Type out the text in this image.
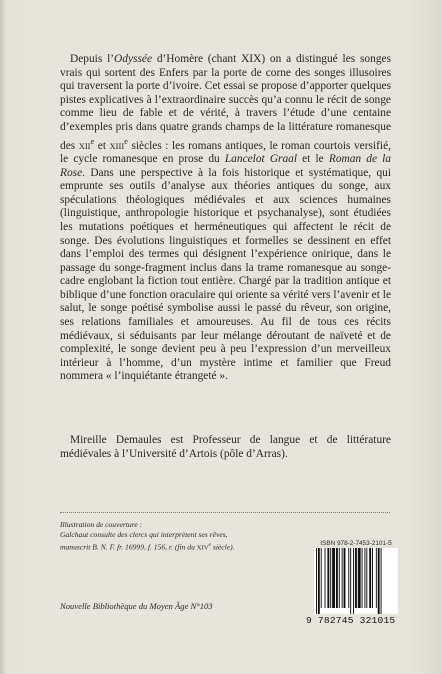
Depuis l’Odyssée d’Homère (chant XIX) on a distingué les songes vrais qui sortent des Enfers par la porte de corne des songes illusoires qui traversent la porte d’ivoire. Cet essai se propose d’apporter quelques pistes explicatives à l’extraordinaire succès qu’a connu le récit de songe comme lieu de fable et de vérité, à travers l’étude d’une centaine d’exemples pris dans quatre grands champs de la littérature romanesque des XIIe et XIIIe siècles : les romans antiques, le roman courtois versifié, le cycle romanesque en prose du Lancelot Graal et le Roman de la Rose. Dans une perspective à la fois historique et systématique, qui emprunte ses outils d’analyse aux théories antiques du songe, aux spéculations théologiques médiévales et aux sciences humaines (linguistique, anthropologie historique et psychanalyse), sont étudiées les mutations poétiques et herméneutiques qui affectent le récit de songe. Des évolutions linguistiques et formelles se dessinent en effet dans l’emploi des termes qui désignent l’expérience onirique, dans le passage du songe-fragment inclus dans la trame romanesque au songe-cadre englobant la fiction tout entière. Chargé par la tradition antique et biblique d’une fonction oraculaire qui oriente sa vérité vers l’avenir et le salut, le songe poétisé symbolise aussi le passé du rêveur, son origine, ses relations familiales et amoureuses. Au fil de tous ces récits médiévaux, si séduisants par leur mélange déroutant de naïveté et de complexité, le songe devient peu à peu l’expression d’un merveilleux intérieur à l’homme, d’un mystère intime et familier que Freud nommera « l’inquiétante étrangeté ».

Mireille Demaules est Professeur de langue et de littérature médiévales à l’Université d’Artois (pôle d’Arras).

Illustration de couverture :
Galchaut consulte des clercs qui interprètent ses rêves,
manuscrit B. N. F. fr. 16999, f. 156, r. (fin du XIVe siècle).

Nouvelle Bibliothèque du Moyen Âge N°103

ISBN 978-2-7453-2101-5
9 782745 321015
